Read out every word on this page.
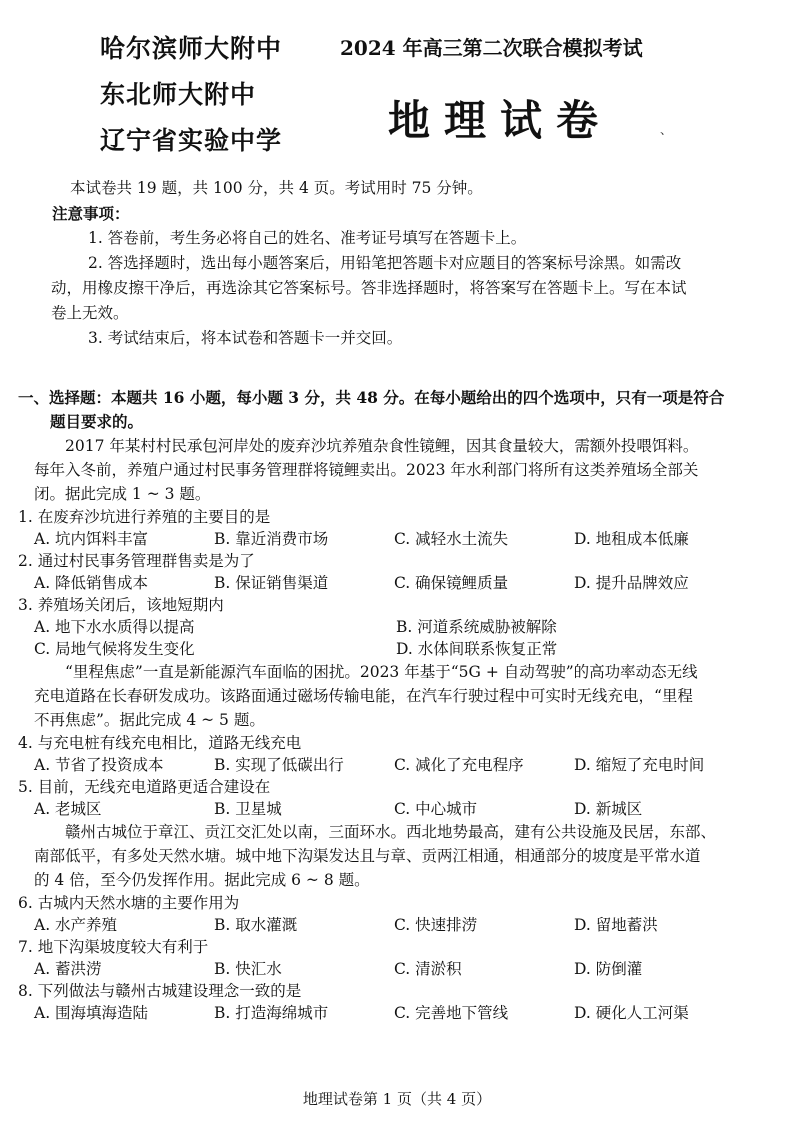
哈尔滨师大附中
东北师大附中
辽宁省实验中学
2024 年高三第二次联合模拟考试
地理试卷	、

本试卷共 19 题，共 100 分，共 4 页。考试用时 75 分钟。

注意事项：

1. 答卷前，考生务必将自己的姓名、准考证号填写在答题卡上。

2. 答选择题时，选出每小题答案后，用铅笔把答题卡对应题目的答案标号涂黑。如需改

动，用橡皮擦干净后，再选涂其它答案标号。答非选择题时，将答案写在答题卡上。写在本试

卷上无效。

3. 考试结束后，将本试卷和答题卡一并交回。

一、选择题：本题共 16 小题，每小题 3 分，共 48 分。在每小题给出的四个选项中，只有一项是符合

题目要求的。

2017 年某村村民承包河岸处的废弃沙坑养殖杂食性镜鲤，因其食量较大，需额外投喂饵料。

每年入冬前，养殖户通过村民事务管理群将镜鲤卖出。2023 年水利部门将所有这类养殖场全部关

闭。据此完成 1 ~ 3 题。

1. 在废弃沙坑进行养殖的主要目的是

A. 坑内饵料丰富	B. 靠近消费市场	C. 减轻水土流失	D. 地租成本低廉

2. 通过村民事务管理群售卖是为了

A. 降低销售成本	B. 保证销售渠道	C. 确保镜鲤质量	D. 提升品牌效应

3. 养殖场关闭后，该地短期内

A. 地下水水质得以提高	B. 河道系统威胁被解除
C. 局地气候将发生变化	D. 水体间联系恢复正常

“里程焦虑”一直是新能源汽车面临的困扰。2023 年基于“5G + 自动驾驶”的高功率动态无线

充电道路在长春研发成功。该路面通过磁场传输电能，在汽车行驶过程中可实时无线充电，“里程

不再焦虑”。据此完成 4 ~ 5 题。

4. 与充电桩有线充电相比，道路无线充电

A. 节省了投资成本	B. 实现了低碳出行	C. 减化了充电程序	D. 缩短了充电时间

5. 目前，无线充电道路更适合建设在

A. 老城区	B. 卫星城	C. 中心城市	D. 新城区

赣州古城位于章江、贡江交汇处以南，三面环水。西北地势最高，建有公共设施及民居，东部、

南部低平，有多处天然水塘。城中地下沟渠发达且与章、贡两江相通，相通部分的坡度是平常水道

的 4 倍，至今仍发挥作用。据此完成 6 ~ 8 题。

6. 古城内天然水塘的主要作用为

A. 水产养殖	B. 取水灌溉	C. 快速排涝	D. 留地蓄洪

7. 地下沟渠坡度较大有利于

A. 蓄洪涝	B. 快汇水	C. 清淤积	D. 防倒灌

8. 下列做法与赣州古城建设理念一致的是

A. 围海填海造陆	B. 打造海绵城市	C. 完善地下管线	D. 硬化人工河渠
地理试卷第 1 页（共 4 页）
